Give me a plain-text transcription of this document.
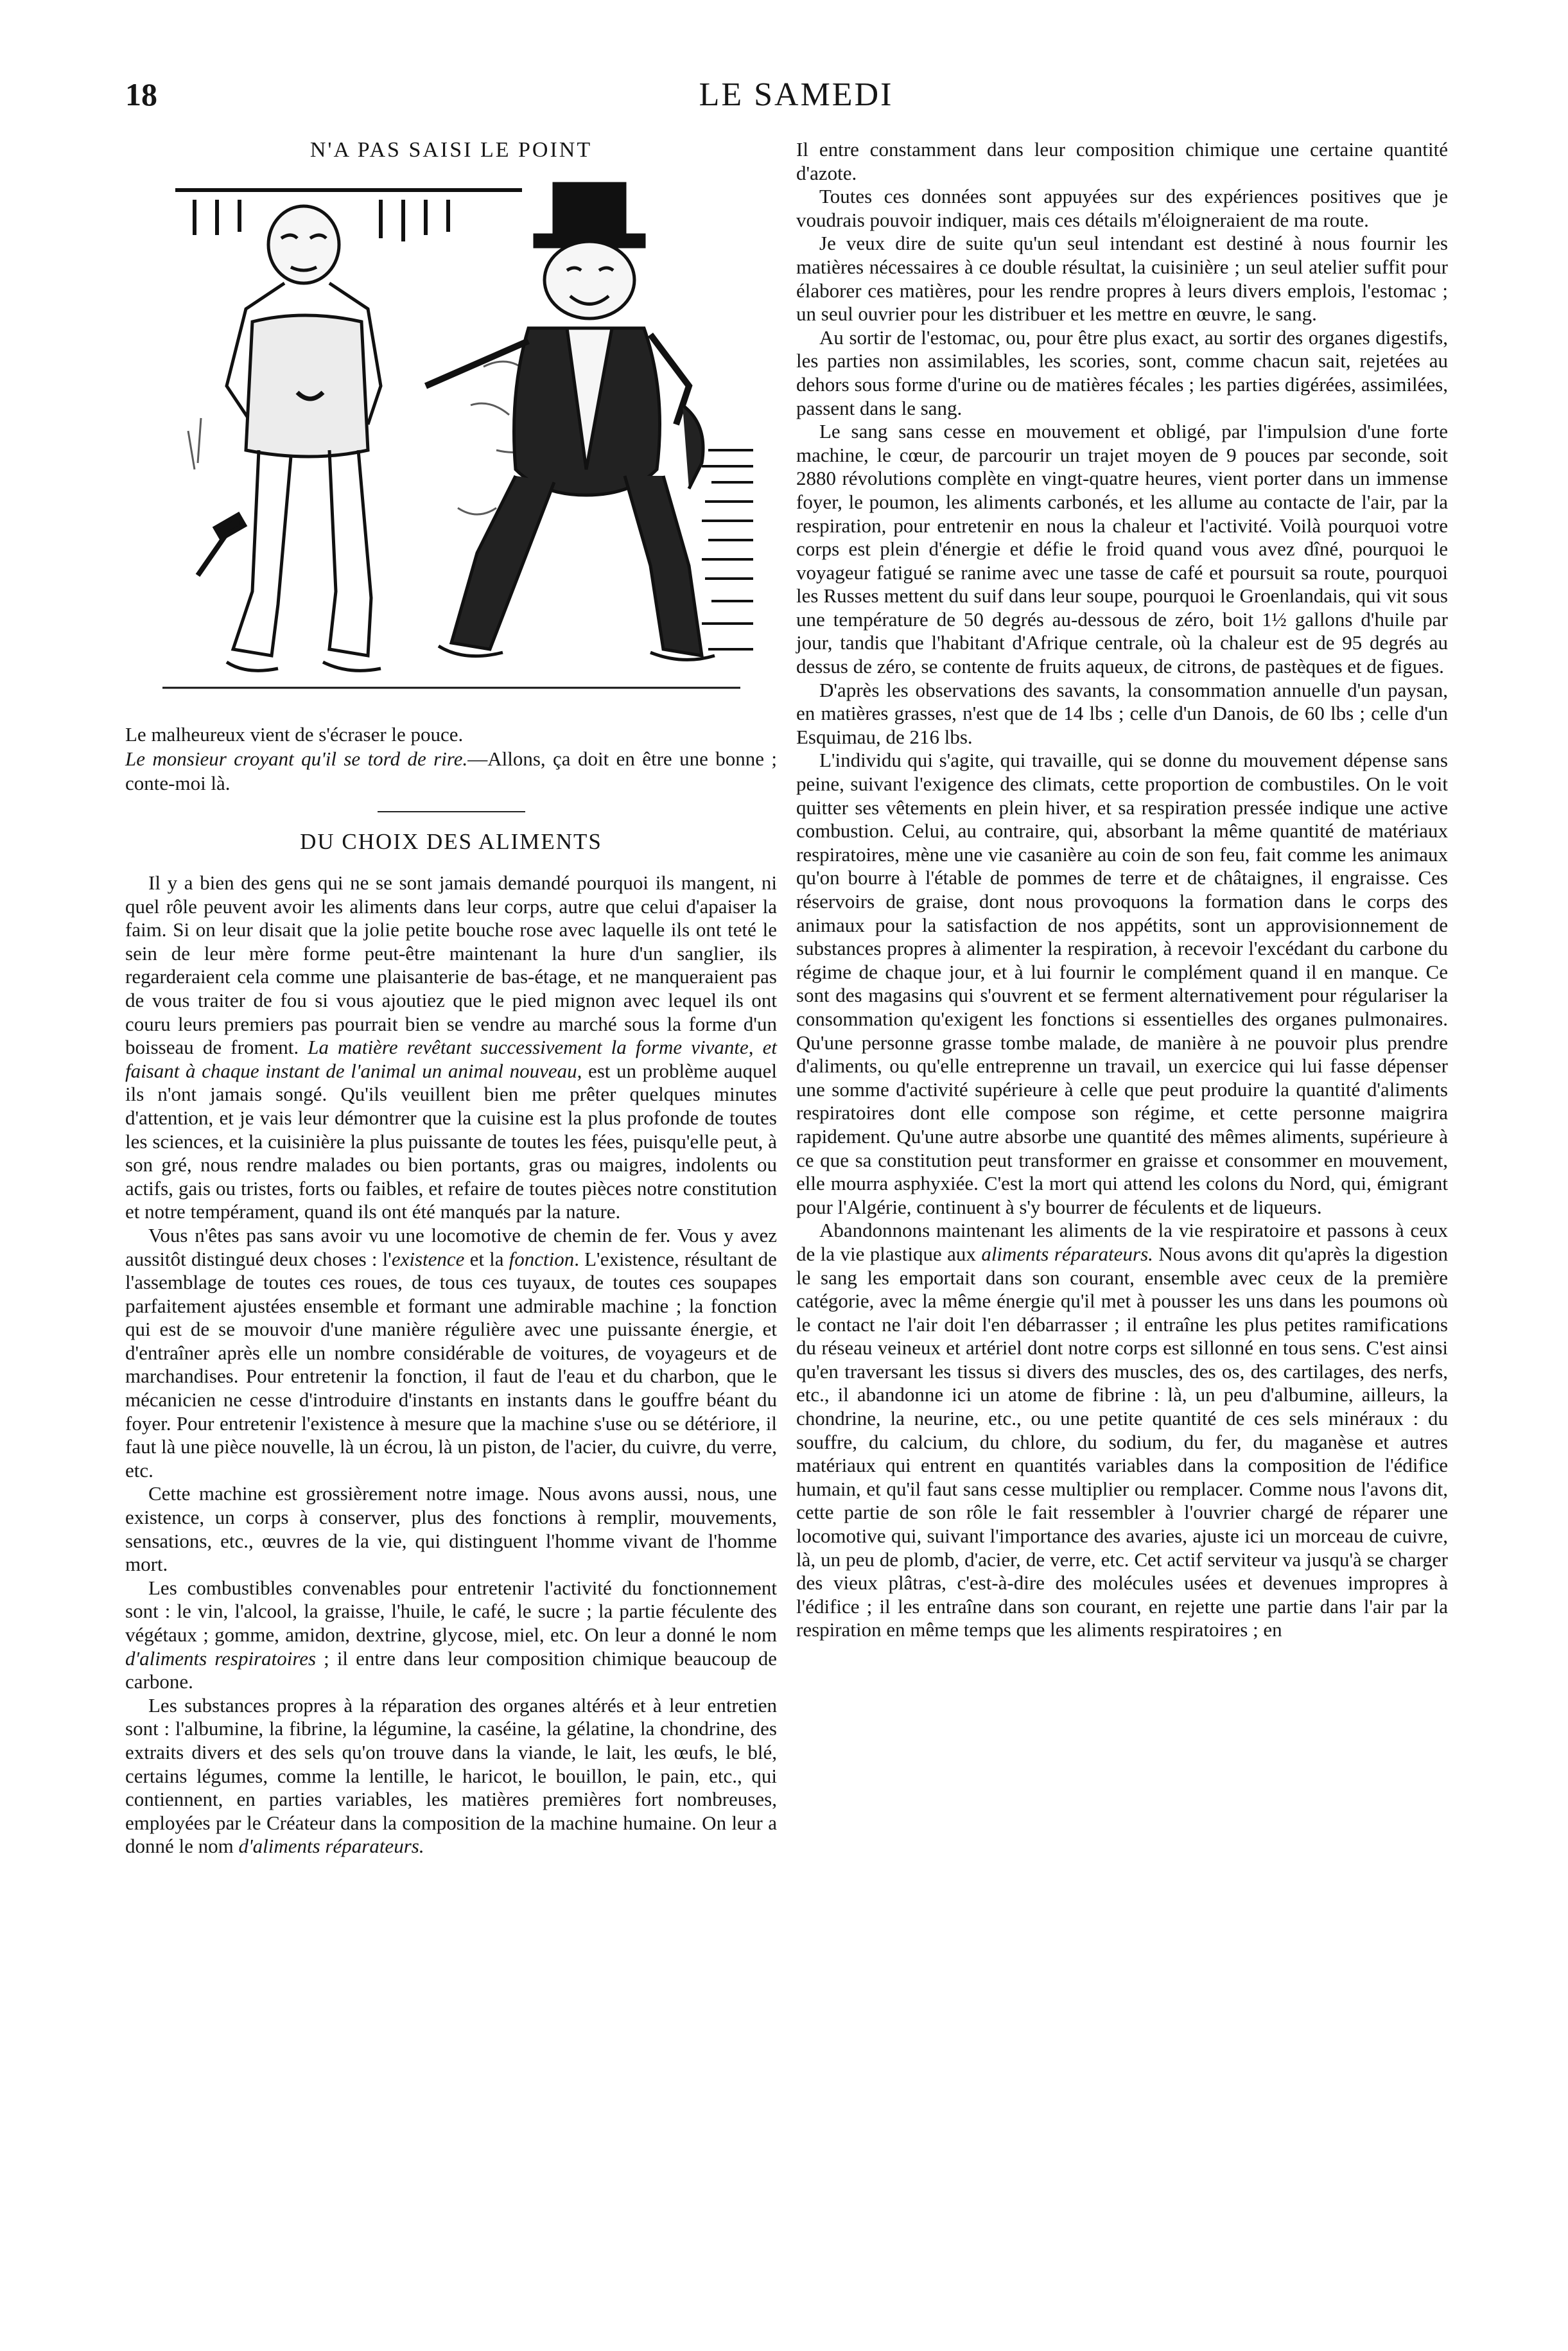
18	LE SAMEDI
N'A PAS SAISI LE POINT

Le malheureux vient de s'écraser le pouce.

Le monsieur croyant qu'il se tord de rire.—Allons, ça doit en être une bonne ; conte-moi là.

DU CHOIX DES ALIMENTS

Il y a bien des gens qui ne se sont jamais demandé pourquoi ils mangent, ni quel rôle peuvent avoir les aliments dans leur corps, autre que celui d'apaiser la faim. Si on leur disait que la jolie petite bouche rose avec laquelle ils ont teté le sein de leur mère forme peut-être maintenant la hure d'un sanglier, ils regarderaient cela comme une plaisanterie de bas-étage, et ne manqueraient pas de vous traiter de fou si vous ajoutiez que le pied mignon avec lequel ils ont couru leurs premiers pas pourrait bien se vendre au marché sous la forme d'un boisseau de froment. La matière revêtant successivement la forme vivante, et faisant à chaque instant de l'animal un animal nouveau, est un problème auquel ils n'ont jamais songé. Qu'ils veuillent bien me prêter quelques minutes d'attention, et je vais leur démontrer que la cuisine est la plus profonde de toutes les sciences, et la cuisinière la plus puissante de toutes les fées, puisqu'elle peut, à son gré, nous rendre malades ou bien portants, gras ou maigres, indolents ou actifs, gais ou tristes, forts ou faibles, et refaire de toutes pièces notre constitution et notre tempérament, quand ils ont été manqués par la nature.

Vous n'êtes pas sans avoir vu une locomotive de chemin de fer. Vous y avez aussitôt distingué deux choses : l'existence et la fonction. L'existence, résultant de l'assemblage de toutes ces roues, de tous ces tuyaux, de toutes ces soupapes parfaitement ajustées ensemble et formant une admirable machine ; la fonction qui est de se mouvoir d'une manière régulière avec une puissante énergie, et d'entraîner après elle un nombre considérable de voitures, de voyageurs et de marchandises. Pour entretenir la fonction, il faut de l'eau et du charbon, que le mécanicien ne cesse d'introduire d'instants en instants dans le gouffre béant du foyer. Pour entretenir l'existence à mesure que la machine s'use ou se détériore, il faut là une pièce nouvelle, là un écrou, là un piston, de l'acier, du cuivre, du verre, etc.

Cette machine est grossièrement notre image. Nous avons aussi, nous, une existence, un corps à conserver, plus des fonctions à remplir, mouvements, sensations, etc., œuvres de la vie, qui distinguent l'homme vivant de l'homme mort.

Les combustibles convenables pour entretenir l'activité du fonctionnement sont : le vin, l'alcool, la graisse, l'huile, le café, le sucre ; la partie féculente des végétaux ; gomme, amidon, dextrine, glycose, miel, etc. On leur a donné le nom d'aliments respiratoires ; il entre dans leur composition chimique beaucoup de carbone.

Les substances propres à la réparation des organes altérés et à leur entretien sont : l'albumine, la fibrine, la légumine, la caséine, la gélatine, la chondrine, des extraits divers et des sels qu'on trouve dans la viande, le lait, les œufs, le blé, certains légumes, comme la lentille, le haricot, le bouillon, le pain, etc., qui contiennent, en parties variables, les matières premières fort nombreuses, employées par le Créateur dans la composition de la machine humaine. On leur a donné le nom d'aliments réparateurs.

Il entre constamment dans leur composition chimique une certaine quantité d'azote.

Toutes ces données sont appuyées sur des expériences positives que je voudrais pouvoir indiquer, mais ces détails m'éloigneraient de ma route.

Je veux dire de suite qu'un seul intendant est destiné à nous fournir les matières nécessaires à ce double résultat, la cuisinière ; un seul atelier suffit pour élaborer ces matières, pour les rendre propres à leurs divers emplois, l'estomac ; un seul ouvrier pour les distribuer et les mettre en œuvre, le sang.

Au sortir de l'estomac, ou, pour être plus exact, au sortir des organes digestifs, les parties non assimilables, les scories, sont, comme chacun sait, rejetées au dehors sous forme d'urine ou de matières fécales ; les parties digérées, assimilées, passent dans le sang.

Le sang sans cesse en mouvement et obligé, par l'impulsion d'une forte machine, le cœur, de parcourir un trajet moyen de 9 pouces par seconde, soit 2880 révolutions complète en vingt-quatre heures, vient porter dans un immense foyer, le poumon, les aliments carbonés, et les allume au contacte de l'air, par la respiration, pour entretenir en nous la chaleur et l'activité. Voilà pourquoi votre corps est plein d'énergie et défie le froid quand vous avez dîné, pourquoi le voyageur fatigué se ranime avec une tasse de café et poursuit sa route, pourquoi les Russes mettent du suif dans leur soupe, pourquoi le Groenlandais, qui vit sous une température de 50 degrés au-dessous de zéro, boit 1½ gallons d'huile par jour, tandis que l'habitant d'Afrique centrale, où la chaleur est de 95 degrés au dessus de zéro, se contente de fruits aqueux, de citrons, de pastèques et de figues.

D'après les observations des savants, la consommation annuelle d'un paysan, en matières grasses, n'est que de 14 lbs ; celle d'un Danois, de 60 lbs ; celle d'un Esquimau, de 216 lbs.

L'individu qui s'agite, qui travaille, qui se donne du mouvement dépense sans peine, suivant l'exigence des climats, cette proportion de combustiles. On le voit quitter ses vêtements en plein hiver, et sa respiration pressée indique une active combustion. Celui, au contraire, qui, absorbant la même quantité de matériaux respiratoires, mène une vie casanière au coin de son feu, fait comme les animaux qu'on bourre à l'étable de pommes de terre et de châtaignes, il engraisse. Ces réservoirs de graise, dont nous provoquons la formation dans le corps des animaux pour la satisfaction de nos appétits, sont un approvisionnement de substances propres à alimenter la respiration, à recevoir l'excédant du carbone du régime de chaque jour, et à lui fournir le complément quand il en manque. Ce sont des magasins qui s'ouvrent et se ferment alternativement pour régulariser la consommation qu'exigent les fonctions si essentielles des organes pulmonaires. Qu'une personne grasse tombe malade, de manière à ne pouvoir plus prendre d'aliments, ou qu'elle entreprenne un travail, un exercice qui lui fasse dépenser une somme d'activité supérieure à celle que peut produire la quantité d'aliments respiratoires dont elle compose son régime, et cette personne maigrira rapidement. Qu'une autre absorbe une quantité des mêmes aliments, supérieure à ce que sa constitution peut transformer en graisse et consommer en mouvement, elle mourra asphyxiée. C'est la mort qui attend les colons du Nord, qui, émigrant pour l'Algérie, continuent à s'y bourrer de féculents et de liqueurs.

Abandonnons maintenant les aliments de la vie respiratoire et passons à ceux de la vie plastique aux aliments réparateurs. Nous avons dit qu'après la digestion le sang les emportait dans son courant, ensemble avec ceux de la première catégorie, avec la même énergie qu'il met à pousser les uns dans les poumons où le contact ne l'air doit l'en débarrasser ; il entraîne les plus petites ramifications du réseau veineux et artériel dont notre corps est sillonné en tous sens. C'est ainsi qu'en traversant les tissus si divers des muscles, des os, des cartilages, des nerfs, etc., il abandonne ici un atome de fibrine : là, un peu d'albumine, ailleurs, la chondrine, la neurine, etc., ou une petite quantité de ces sels minéraux : du souffre, du calcium, du chlore, du sodium, du fer, du maganèse et autres matériaux qui entrent en quantités variables dans la composition de l'édifice humain, et qu'il faut sans cesse multiplier ou remplacer. Comme nous l'avons dit, cette partie de son rôle le fait ressembler à l'ouvrier chargé de réparer une locomotive qui, suivant l'importance des avaries, ajuste ici un morceau de cuivre, là, un peu de plomb, d'acier, de verre, etc. Cet actif serviteur va jusqu'à se charger des vieux plâtras, c'est-à-dire des molécules usées et devenues impropres à l'édifice ; il les entraîne dans son courant, en rejette une partie dans l'air par la respiration en même temps que les aliments respiratoires ; en
